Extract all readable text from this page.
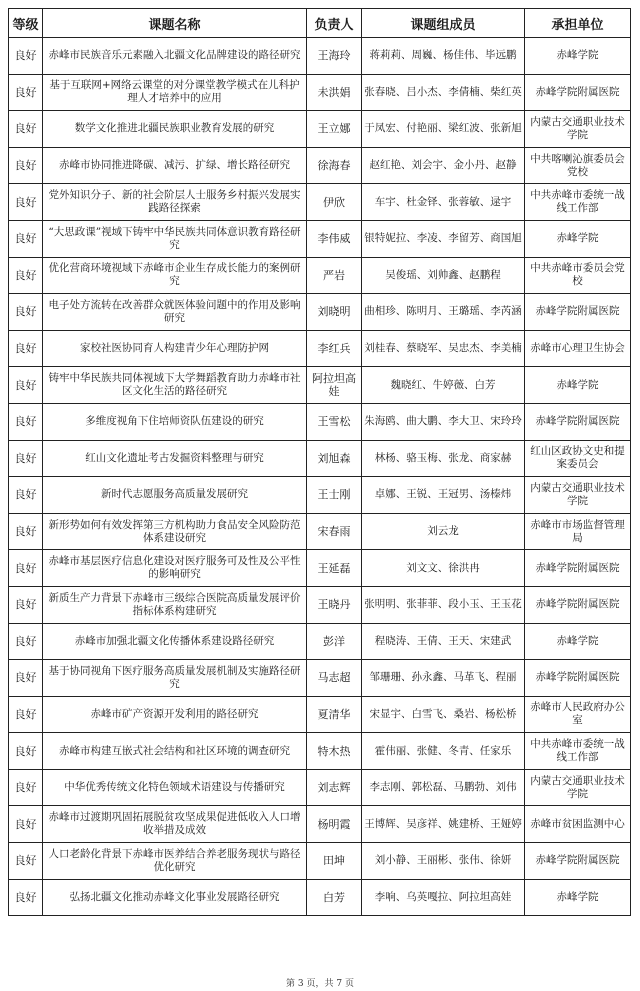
等级	课题名称	负责人	课题组成员	承担单位
良好	赤峰市民族音乐元素融入北疆文化品牌建设的路径研究	王海玲	蒋莉莉、周巍、杨佳伟、毕远鹏	赤峰学院
良好	基于互联网+网络云课堂的对分课堂教学模式在儿科护理人才培养中的应用	未洪娟	张春晓、吕小杰、李倩楠、柴红英	赤峰学院附属医院
良好	数学文化推进北疆民族职业教育发展的研究	王立娜	于凤宏、付艳丽、梁红波、张新旭	内蒙古交通职业技术学院
良好	赤峰市协同推进降碳、减污、扩绿、增长路径研究	徐海春	赵红艳、刘会宇、金小丹、赵静	中共喀喇沁旗委员会党校
良好	党外知识分子、新的社会阶层人士服务乡村振兴发展实践路径探索	伊欣	车宇、杜金铎、张蓉敏、逯宇	中共赤峰市委统一战线工作部
良好	“大思政课”视域下铸牢中华民族共同体意识教育路径研究	李伟威	银特妮拉、李凌、李留芳、商国旭	赤峰学院
良好	优化营商环境视域下赤峰市企业生存成长能力的案例研究	严岩	吴俊瑶、刘帅鑫、赵鹏程	中共赤峰市委员会党校
良好	电子处方流转在改善群众就医体验问题中的作用及影响研究	刘晓明	曲相珍、陈明月、王璐瑶、李芮涵	赤峰学院附属医院
良好	家校社医协同育人构建青少年心理防护网	李红兵	刘桂春、蔡晓军、吴忠杰、李美楠	赤峰市心理卫生协会
良好	铸牢中华民族共同体视域下大学舞蹈教育助力赤峰市社区文化生活的路径研究	阿拉坦高娃	魏晓红、牛婷薇、白芳	赤峰学院
良好	多维度视角下住培师资队伍建设的研究	王雪松	朱海鸥、曲大鹏、李大卫、宋玲玲	赤峰学院附属医院
良好	红山文化遗址考古发掘资料整理与研究	刘旭森	林杨、骆玉梅、张龙、商家赫	红山区政协文史和提案委员会
良好	新时代志愿服务高质量发展研究	王士刚	卓娜、王锐、王冠男、汤榛炜	内蒙古交通职业技术学院
良好	新形势如何有效发挥第三方机构助力食品安全风险防范体系建设研究	宋春雨	刘云龙	赤峰市市场监督管理局
良好	赤峰市基层医疗信息化建设对医疗服务可及性及公平性的影响研究	王延磊	刘文文、徐洪冉	赤峰学院附属医院
良好	新质生产力背景下赤峰市三级综合医院高质量发展评价指标体系构建研究	王晓丹	张明明、张菲菲、段小玉、王玉花	赤峰学院附属医院
良好	赤峰市加强北疆文化传播体系建设路径研究	彭洋	程晓涛、王倩、王天、宋建武	赤峰学院
良好	基于协同视角下医疗服务高质量发展机制及实施路径研究	马志超	邹珊珊、孙永鑫、马革飞、程丽	赤峰学院附属医院
良好	赤峰市矿产资源开发利用的路径研究	夏清华	宋显宇、白雪飞、桑岩、杨松桥	赤峰市人民政府办公室
良好	赤峰市构建互嵌式社会结构和社区环境的调查研究	特木热	霍伟丽、张健、冬青、任家乐	中共赤峰市委统一战线工作部
良好	中华优秀传统文化特色领域术语建设与传播研究	刘志辉	李志刚、郭松磊、马鹏勃、刘伟	内蒙古交通职业技术学院
良好	赤峰市过渡期巩固拓展脱贫攻坚成果促进低收入人口增收举措及成效	杨明霞	王博辉、吴彦祥、姚建桥、王娅婷	赤峰市贫困监测中心
良好	人口老龄化背景下赤峰市医养结合养老服务现状与路径优化研究	田坤	刘小静、王丽彬、张伟、徐妍	赤峰学院附属医院
良好	弘扬北疆文化推动赤峰文化事业发展路径研究	白芳	李响、乌英嘎拉、阿拉坦高娃	赤峰学院
第 3 页，共 7 页
